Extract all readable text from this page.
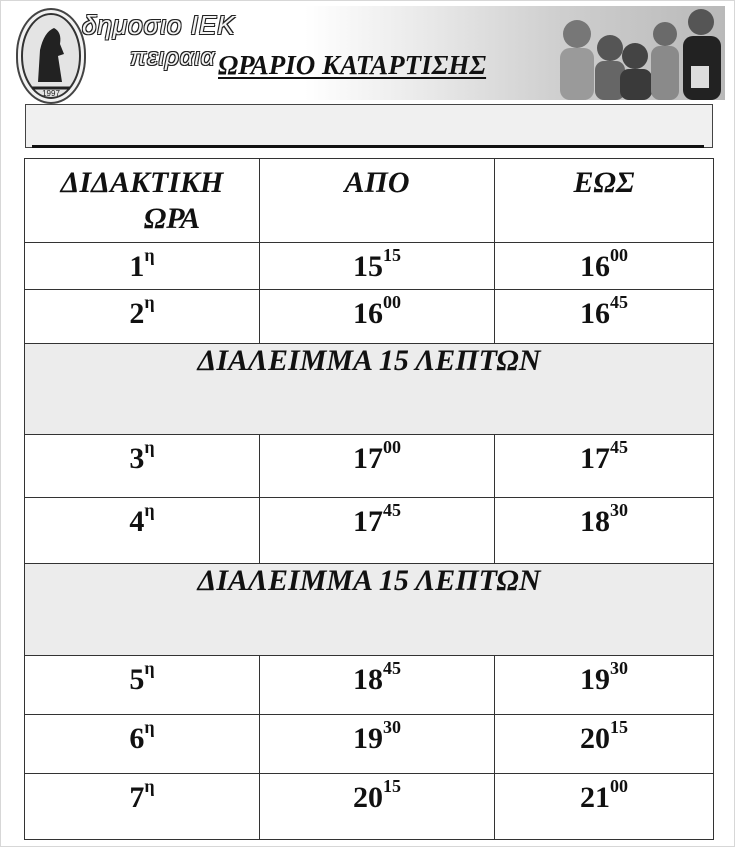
1997
δημοσιο ΙΕΚ
πειραια ΩΡΑΡΙΟ ΚΑΤΑΡΤΙΣΗΣ
ΔΙΔΑΚΤΙΚΗ
ΩΡΑ	ΑΠΟ	ΕΩΣ
$1^\eta$	$15^{15}$	$16^{00}$
$2^\eta$	$16^{00}$	$16^{45}$
ΔΙΑΛΕΙΜΜΑ 15 ΛΕΠΤΩΝ		
$3^\eta$	$17^{00}$	$17^{45}$
$4^\eta$	$17^{45}$	$18^{30}$
ΔΙΑΛΕΙΜΜΑ 15 ΛΕΠΤΩΝ		
$5^\eta$	$18^{45}$	$19^{30}$
$6^\eta$	$19^{30}$	$20^{15}$
$7^\eta$	$20^{15}$	$21^{00}$
